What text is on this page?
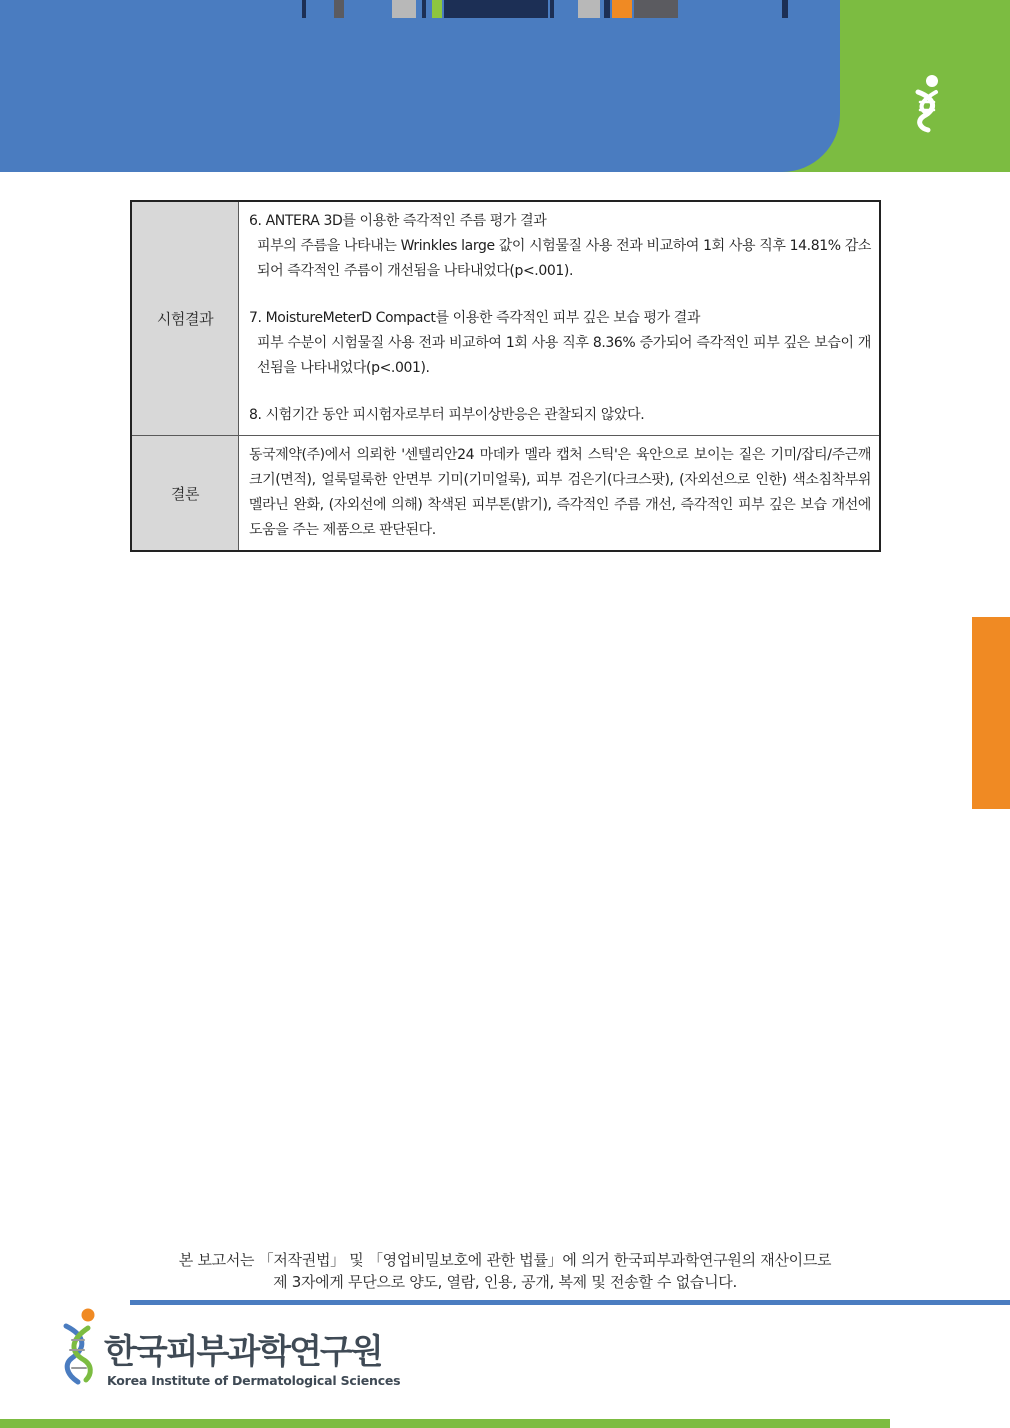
시험결과	6. ANTERA 3D를 이용한 즉각적인 주름 평가 결과
피부의 주름을 나타내는 Wrinkles large 값이 시험물질 사용 전과 비교하여 1회 사용 직후 14.81% 감소되어 즉각적인 주름이 개선됨을 나타내었다(p<.001).
7. MoistureMeterD Compact를 이용한 즉각적인 피부 깊은 보습 평가 결과
피부 수분이 시험물질 사용 전과 비교하여 1회 사용 직후 8.36% 증가되어 즉각적인 피부 깊은 보습이 개선됨을 나타내었다(p<.001).
8. 시험기간 동안 피시험자로부터 피부이상반응은 관찰되지 않았다.

결론	동국제약(주)에서 의뢰한 '센텔리안24 마데카 멜라 캡처 스틱'은 육안으로 보이는 짙은 기미/잡티/주근깨 크기(면적), 얼룩덜룩한 안면부 기미(기미얼룩), 피부 검은기(다크스팟), (자외선으로 인한) 색소침착부위 멜라닌 완화, (자외선에 의해) 착색된 피부톤(밝기), 즉각적인 주름 개선, 즉각적인 피부 깊은 보습 개선에 도움을 주는 제품으로 판단된다.
본 보고서는 「저작권법」 및 「영업비밀보호에 관한 법률」에 의거 한국피부과학연구원의 재산이므로
제 3자에게 무단으로 양도, 열람, 인용, 공개, 복제 및 전송할 수 없습니다.
한국피부과학연구원
Korea Institute of Dermatological Sciences
